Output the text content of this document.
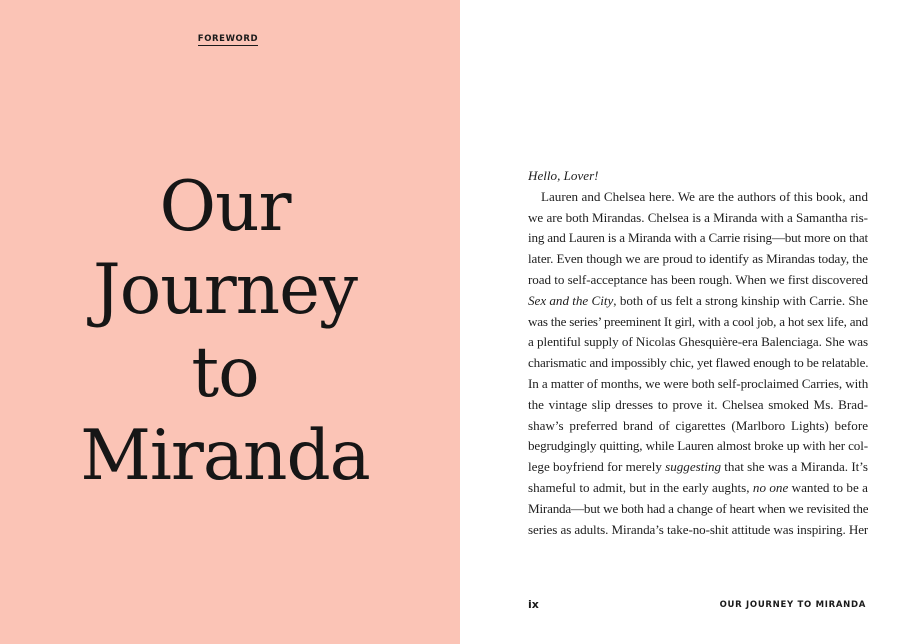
FOREWORD
Our
Journey
to
Miranda
Hello, Lover!
Lauren and Chelsea here. We are the authors of this book, and
we are both Mirandas. Chelsea is a Miranda with a Samantha ris-
ing and Lauren is a Miranda with a Carrie rising—but more on that
later. Even though we are proud to identify as Mirandas today, the
road to self-acceptance has been rough. When we first discovered
Sex and the City, both of us felt a strong kinship with Carrie. She
was the series’ preeminent It girl, with a cool job, a hot sex life, and
a plentiful supply of Nicolas Ghesquière-era Balenciaga. She was
charismatic and impossibly chic, yet flawed enough to be relatable.
In a matter of months, we were both self-proclaimed Carries, with
the vintage slip dresses to prove it. Chelsea smoked Ms. Brad-
shaw’s preferred brand of cigarettes (Marlboro Lights) before
begrudgingly quitting, while Lauren almost broke up with her col-
lege boyfriend for merely suggesting that she was a Miranda. It’s
shameful to admit, but in the early aughts, no one wanted to be a
Miranda—but we both had a change of heart when we revisited the
series as adults. Miranda’s take-no-shit attitude was inspiring. Her
ix	OUR JOURNEY TO MIRANDA
